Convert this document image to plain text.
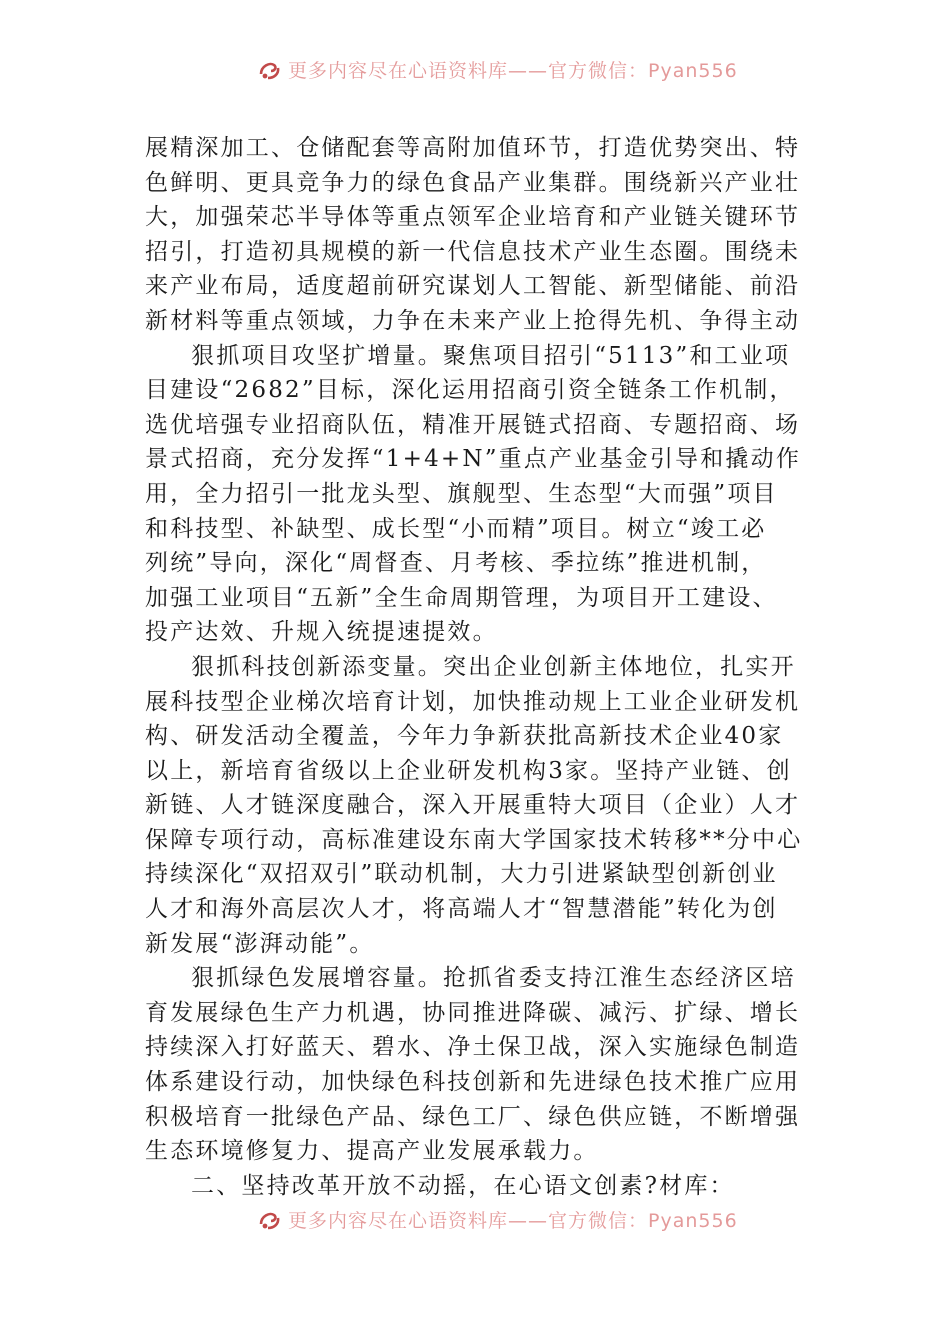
更多内容尽在心语资料库——官方微信：Pyan556
展精深加工、仓储配套等高附加值环节，打造优势突出、特
色鲜明、更具竞争力的绿色食品产业集群。围绕新兴产业壮
大，加强荣芯半导体等重点领军企业培育和产业链关键环节
招引，打造初具规模的新一代信息技术产业生态圈。围绕未
来产业布局，适度超前研究谋划人工智能、新型储能、前沿
新材料等重点领域，力争在未来产业上抢得先机、争得主动
狠抓项目攻坚扩增量。聚焦项目招引“5113”和工业项
目建设“2682”目标，深化运用招商引资全链条工作机制，
选优培强专业招商队伍，精准开展链式招商、专题招商、场
景式招商，充分发挥“1+4+N”重点产业基金引导和撬动作
用，全力招引一批龙头型、旗舰型、生态型“大而强”项目
和科技型、补缺型、成长型“小而精”项目。树立“竣工必
列统”导向，深化“周督查、月考核、季拉练”推进机制，
加强工业项目“五新”全生命周期管理，为项目开工建设、
投产达效、升规入统提速提效。
狠抓科技创新添变量。突出企业创新主体地位，扎实开
展科技型企业梯次培育计划，加快推动规上工业企业研发机
构、研发活动全覆盖，今年力争新获批高新技术企业40家
以上，新培育省级以上企业研发机构3家。坚持产业链、创
新链、人才链深度融合，深入开展重特大项目（企业）人才
保障专项行动，高标准建设东南大学国家技术转移**分中心
持续深化“双招双引”联动机制，大力引进紧缺型创新创业
人才和海外高层次人才，将高端人才“智慧潜能”转化为创
新发展“澎湃动能”。
狠抓绿色发展增容量。抢抓省委支持江淮生态经济区培
育发展绿色生产力机遇，协同推进降碳、减污、扩绿、增长
持续深入打好蓝天、碧水、净土保卫战，深入实施绿色制造
体系建设行动，加快绿色科技创新和先进绿色技术推广应用
积极培育一批绿色产品、绿色工厂、绿色供应链，不断增强
生态环境修复力、提高产业发展承载力。
二、坚持改革开放不动摇，在心语文创素?材库：
更多内容尽在心语资料库——官方微信：Pyan556
